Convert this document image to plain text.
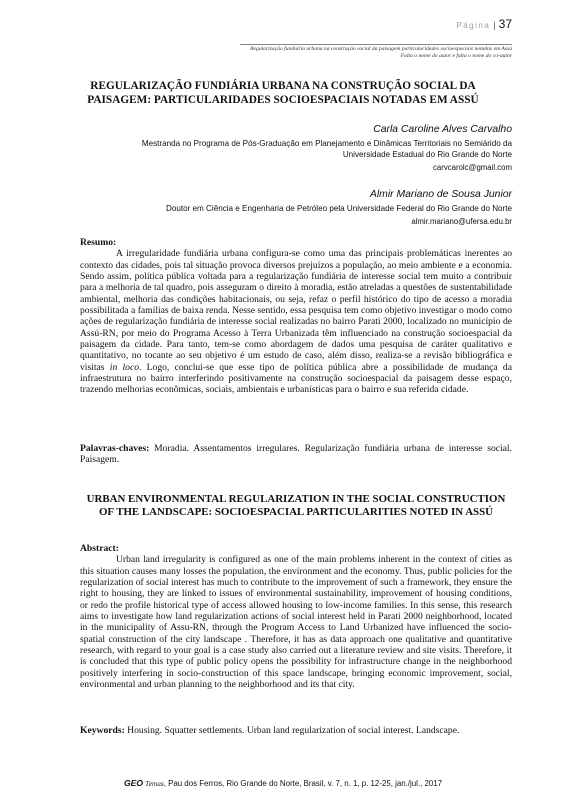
Página | 37
Regularização fundiária urbana na construção social da paisagem particularidades socioespaciais notadas em Assú
Falta o nome do autor e falta o nome do co-autor
REGULARIZAÇÃO FUNDIÁRIA URBANA NA CONSTRUÇÃO SOCIAL DA PAISAGEM: PARTICULARIDADES SOCIOESPACIAIS NOTADAS EM ASSÚ
Carla Caroline Alves Carvalho
Mestranda no Programa de Pós-Graduação em Planejamento e Dinâmicas Territoriais no Semiárido da
Universidade Estadual do Rio Grande do Norte
carvcarolc@gmail.com
Almir Mariano de Sousa Junior
Doutor em Ciência e Engenharia de Petróleo pela Universidade Federal do Rio Grande do Norte
almir.mariano@ufersa.edu.br
Resumo:
A irregularidade fundiária urbana configura-se como uma das principais problemáticas inerentes ao contexto das cidades, pois tal situação provoca diversos prejuízos a população, ao meio ambiente e a economia. Sendo assim, política pública voltada para a regularização fundiária de interesse social tem muito a contribuir para a melhoria de tal quadro, pois asseguram o direito à moradia, estão atreladas a questões de sustentabilidade ambiental, melhoria das condições habitacionais, ou seja, refaz o perfil histórico do tipo de acesso a moradia possibilitada a famílias de baixa renda. Nesse sentido, essa pesquisa tem como objetivo investigar o modo como ações de regularização fundiária de interesse social realizadas no bairro Parati 2000, localizado no município de Assú-RN, por meio do Programa Acesso à Terra Urbanizada têm influenciado na construção socioespacial da paisagem da cidade. Para tanto, tem-se como abordagem de dados uma pesquisa de caráter qualitativo e quantitativo, no tocante ao seu objetivo é um estudo de caso, além disso, realiza-se a revisão bibliográfica e visitas in loco. Logo, conclui-se que esse tipo de política pública abre a possibilidade de mudança da infraestrutura no bairro interferindo positivamente na construção socioespacial da paisagem desse espaço, trazendo melhorias econômicas, sociais, ambientais e urbanísticas para o bairro e sua referida cidade.
Palavras-chaves: Moradia. Assentamentos irregulares. Regularização fundiária urbana de interesse social. Paisagem.
URBAN ENVIRONMENTAL REGULARIZATION IN THE SOCIAL CONSTRUCTION OF THE LANDSCAPE: SOCIOESPACIAL PARTICULARITIES NOTED IN ASSÚ
Abstract:
Urban land irregularity is configured as one of the main problems inherent in the context of cities as this situation causes many losses the population, the environment and the economy. Thus, public policies for the regularization of social interest has much to contribute to the improvement of such a framework, they ensure the right to housing, they are linked to issues of environmental sustainability, improvement of housing conditions, or redo the profile historical type of access allowed housing to low-income families. In this sense, this research aims to investigate how land regularization actions of social interest held in Parati 2000 neighborhood, located in the municipality of Assu-RN, through the Program Access to Land Urbanized have influenced the socio-spatial construction of the city landscape . Therefore, it has as data approach one qualitative and quantitative research, with regard to your goal is a case study also carried out a literature review and site visits. Therefore, it is concluded that this type of public policy opens the possibility for infrastructure change in the neighborhood positively interfering in socio-construction of this space landscape, bringing economic improvement, social, environmental and urban planning to the neighborhood and its that city.
Keywords: Housing. Squatter settlements. Urban land regularization of social interest. Landscape.
GEO Temas, Pau dos Ferros, Rio Grande do Norte, Brasil, v. 7, n. 1, p. 12-25, jan./jul., 2017
